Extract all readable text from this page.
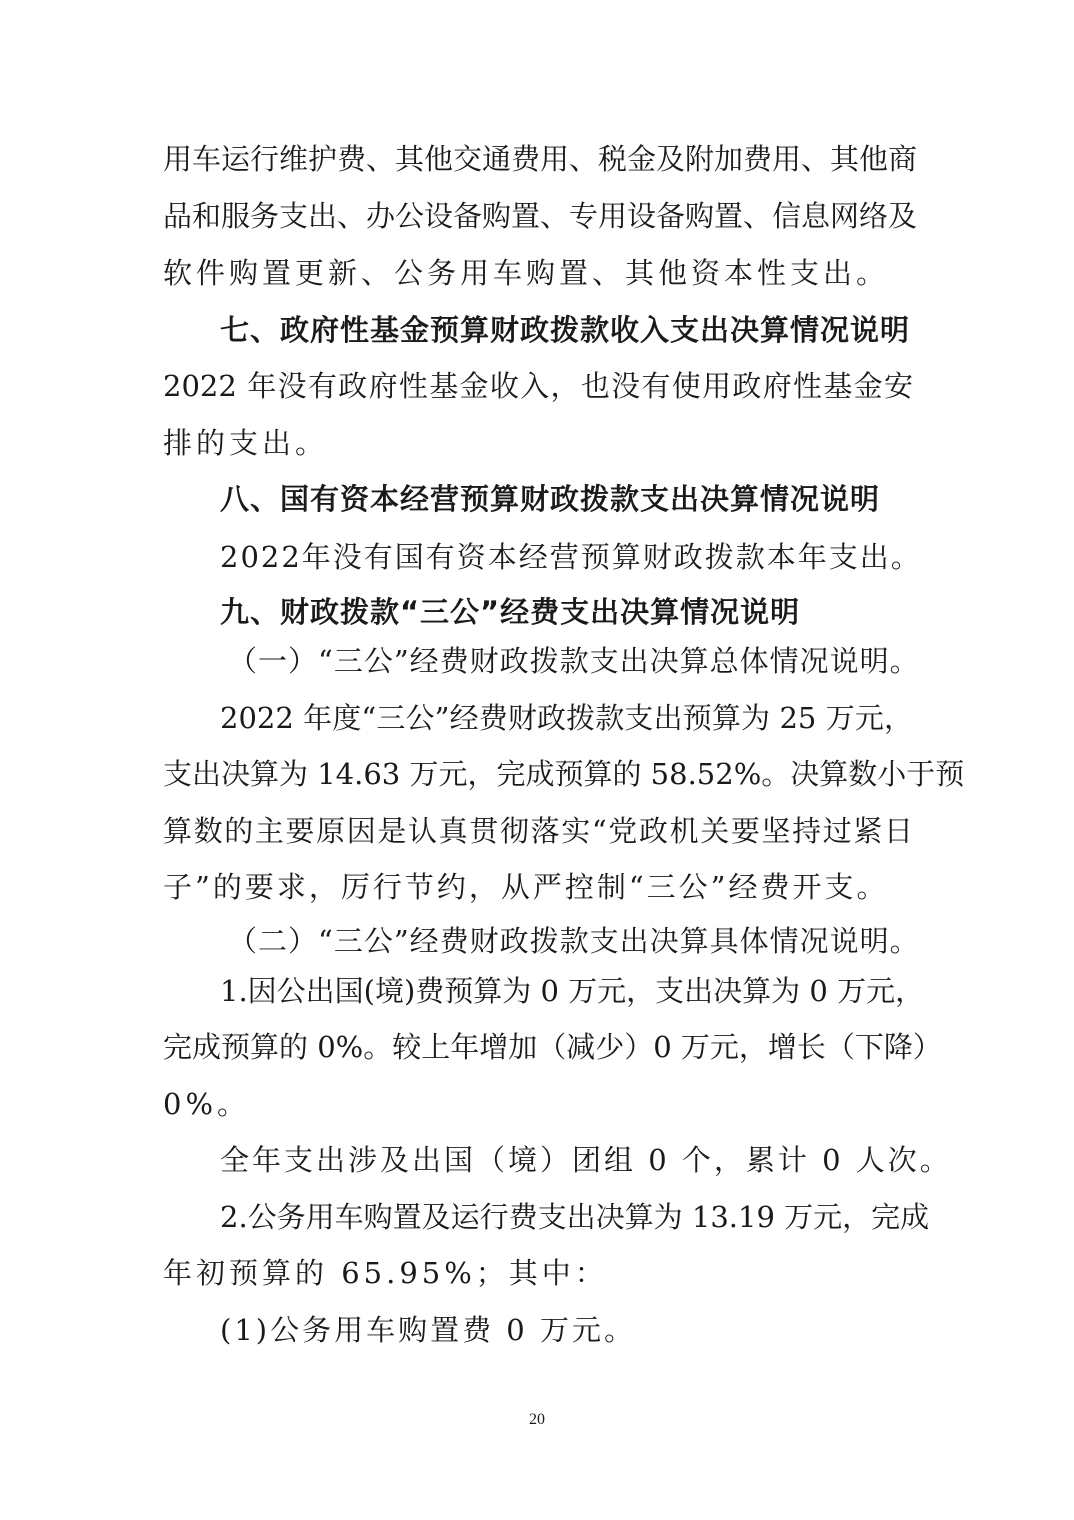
用车运行维护费、其他交通费用、税金及附加费用、其他商
品和服务支出、办公设备购置、专用设备购置、信息网络及
软件购置更新、公务用车购置、其他资本性支出。
七、政府性基金预算财政拨款收入支出决算情况说明
2022 年没有政府性基金收入，也没有使用政府性基金安
排的支出。
八、国有资本经营预算财政拨款支出决算情况说明
2022年没有国有资本经营预算财政拨款本年支出。
九、财政拨款“三公”经费支出决算情况说明
（一）“三公”经费财政拨款支出决算总体情况说明。
2022 年度“三公”经费财政拨款支出预算为 25 万元，
支出决算为 14.63 万元，完成预算的 58.52%。决算数小于预
算数的主要原因是认真贯彻落实“党政机关要坚持过紧日
子”的要求，厉行节约，从严控制“三公”经费开支。
（二）“三公”经费财政拨款支出决算具体情况说明。
1.因公出国(境)费预算为 0 万元，支出决算为 0 万元，
完成预算的 0%。较上年增加（减少）0 万元，增长（下降）
0%。
全年支出涉及出国（境）团组 0 个，累计 0 人次。
2.公务用车购置及运行费支出决算为 13.19 万元，完成
年初预算的 65.95%；其中：
(1)公务用车购置费 0 万元。
20
